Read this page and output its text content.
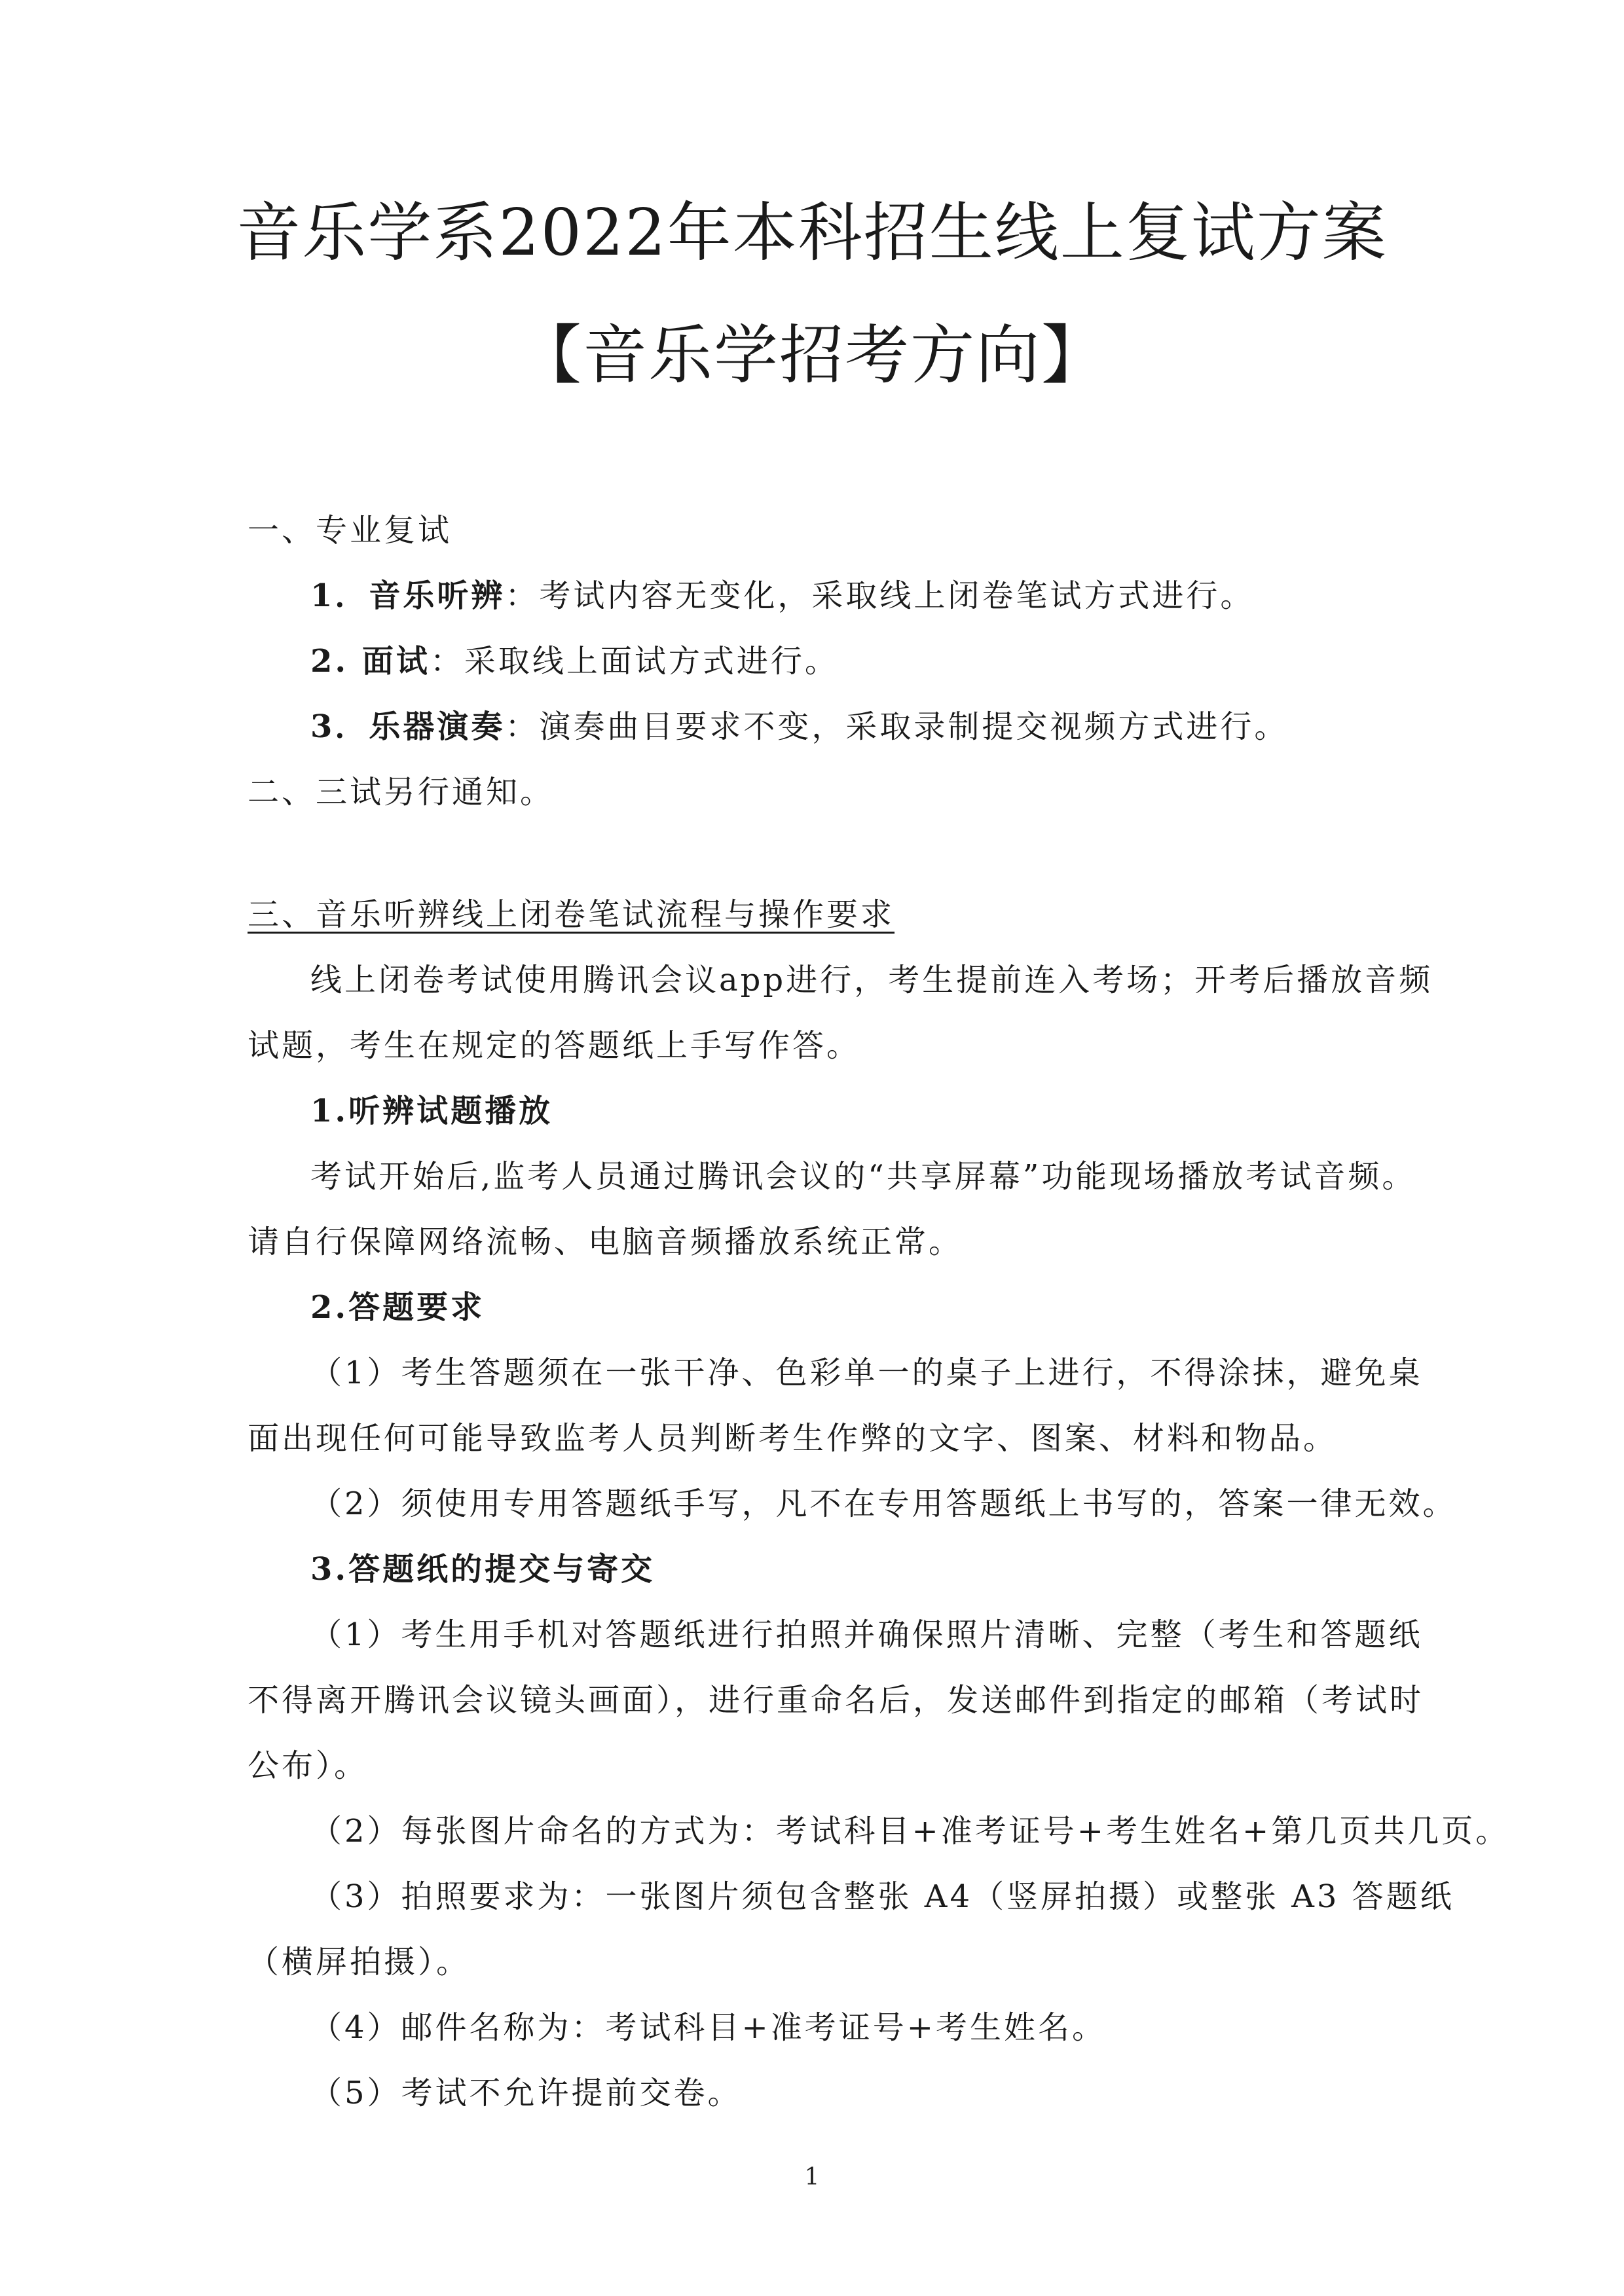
音乐学系2022年本科招生线上复试方案
【音乐学招考方向】
一、专业复试
1．音乐听辨：考试内容无变化，采取线上闭卷笔试方式进行。
2. 面试：采取线上面试方式进行。
3．乐器演奏：演奏曲目要求不变，采取录制提交视频方式进行。
二、三试另行通知。
三、音乐听辨线上闭卷笔试流程与操作要求
线上闭卷考试使用腾讯会议app进行，考生提前连入考场；开考后播放音频
试题，考生在规定的答题纸上手写作答。
1.听辨试题播放
考试开始后,监考人员通过腾讯会议的“共享屏幕”功能现场播放考试音频。
请自行保障网络流畅、电脑音频播放系统正常。
2.答题要求
（1）考生答题须在一张干净、色彩单一的桌子上进行，不得涂抹，避免桌
面出现任何可能导致监考人员判断考生作弊的文字、图案、材料和物品。
（2）须使用专用答题纸手写，凡不在专用答题纸上书写的，答案一律无效。
3.答题纸的提交与寄交
（1）考生用手机对答题纸进行拍照并确保照片清晰、完整（考生和答题纸
不得离开腾讯会议镜头画面），进行重命名后，发送邮件到指定的邮箱（考试时
公布）。
（2）每张图片命名的方式为：考试科目+准考证号+考生姓名+第几页共几页。
（3）拍照要求为：一张图片须包含整张 A4（竖屏拍摄）或整张 A3 答题纸
（横屏拍摄）。
（4）邮件名称为：考试科目+准考证号+考生姓名。
（5）考试不允许提前交卷。
1
